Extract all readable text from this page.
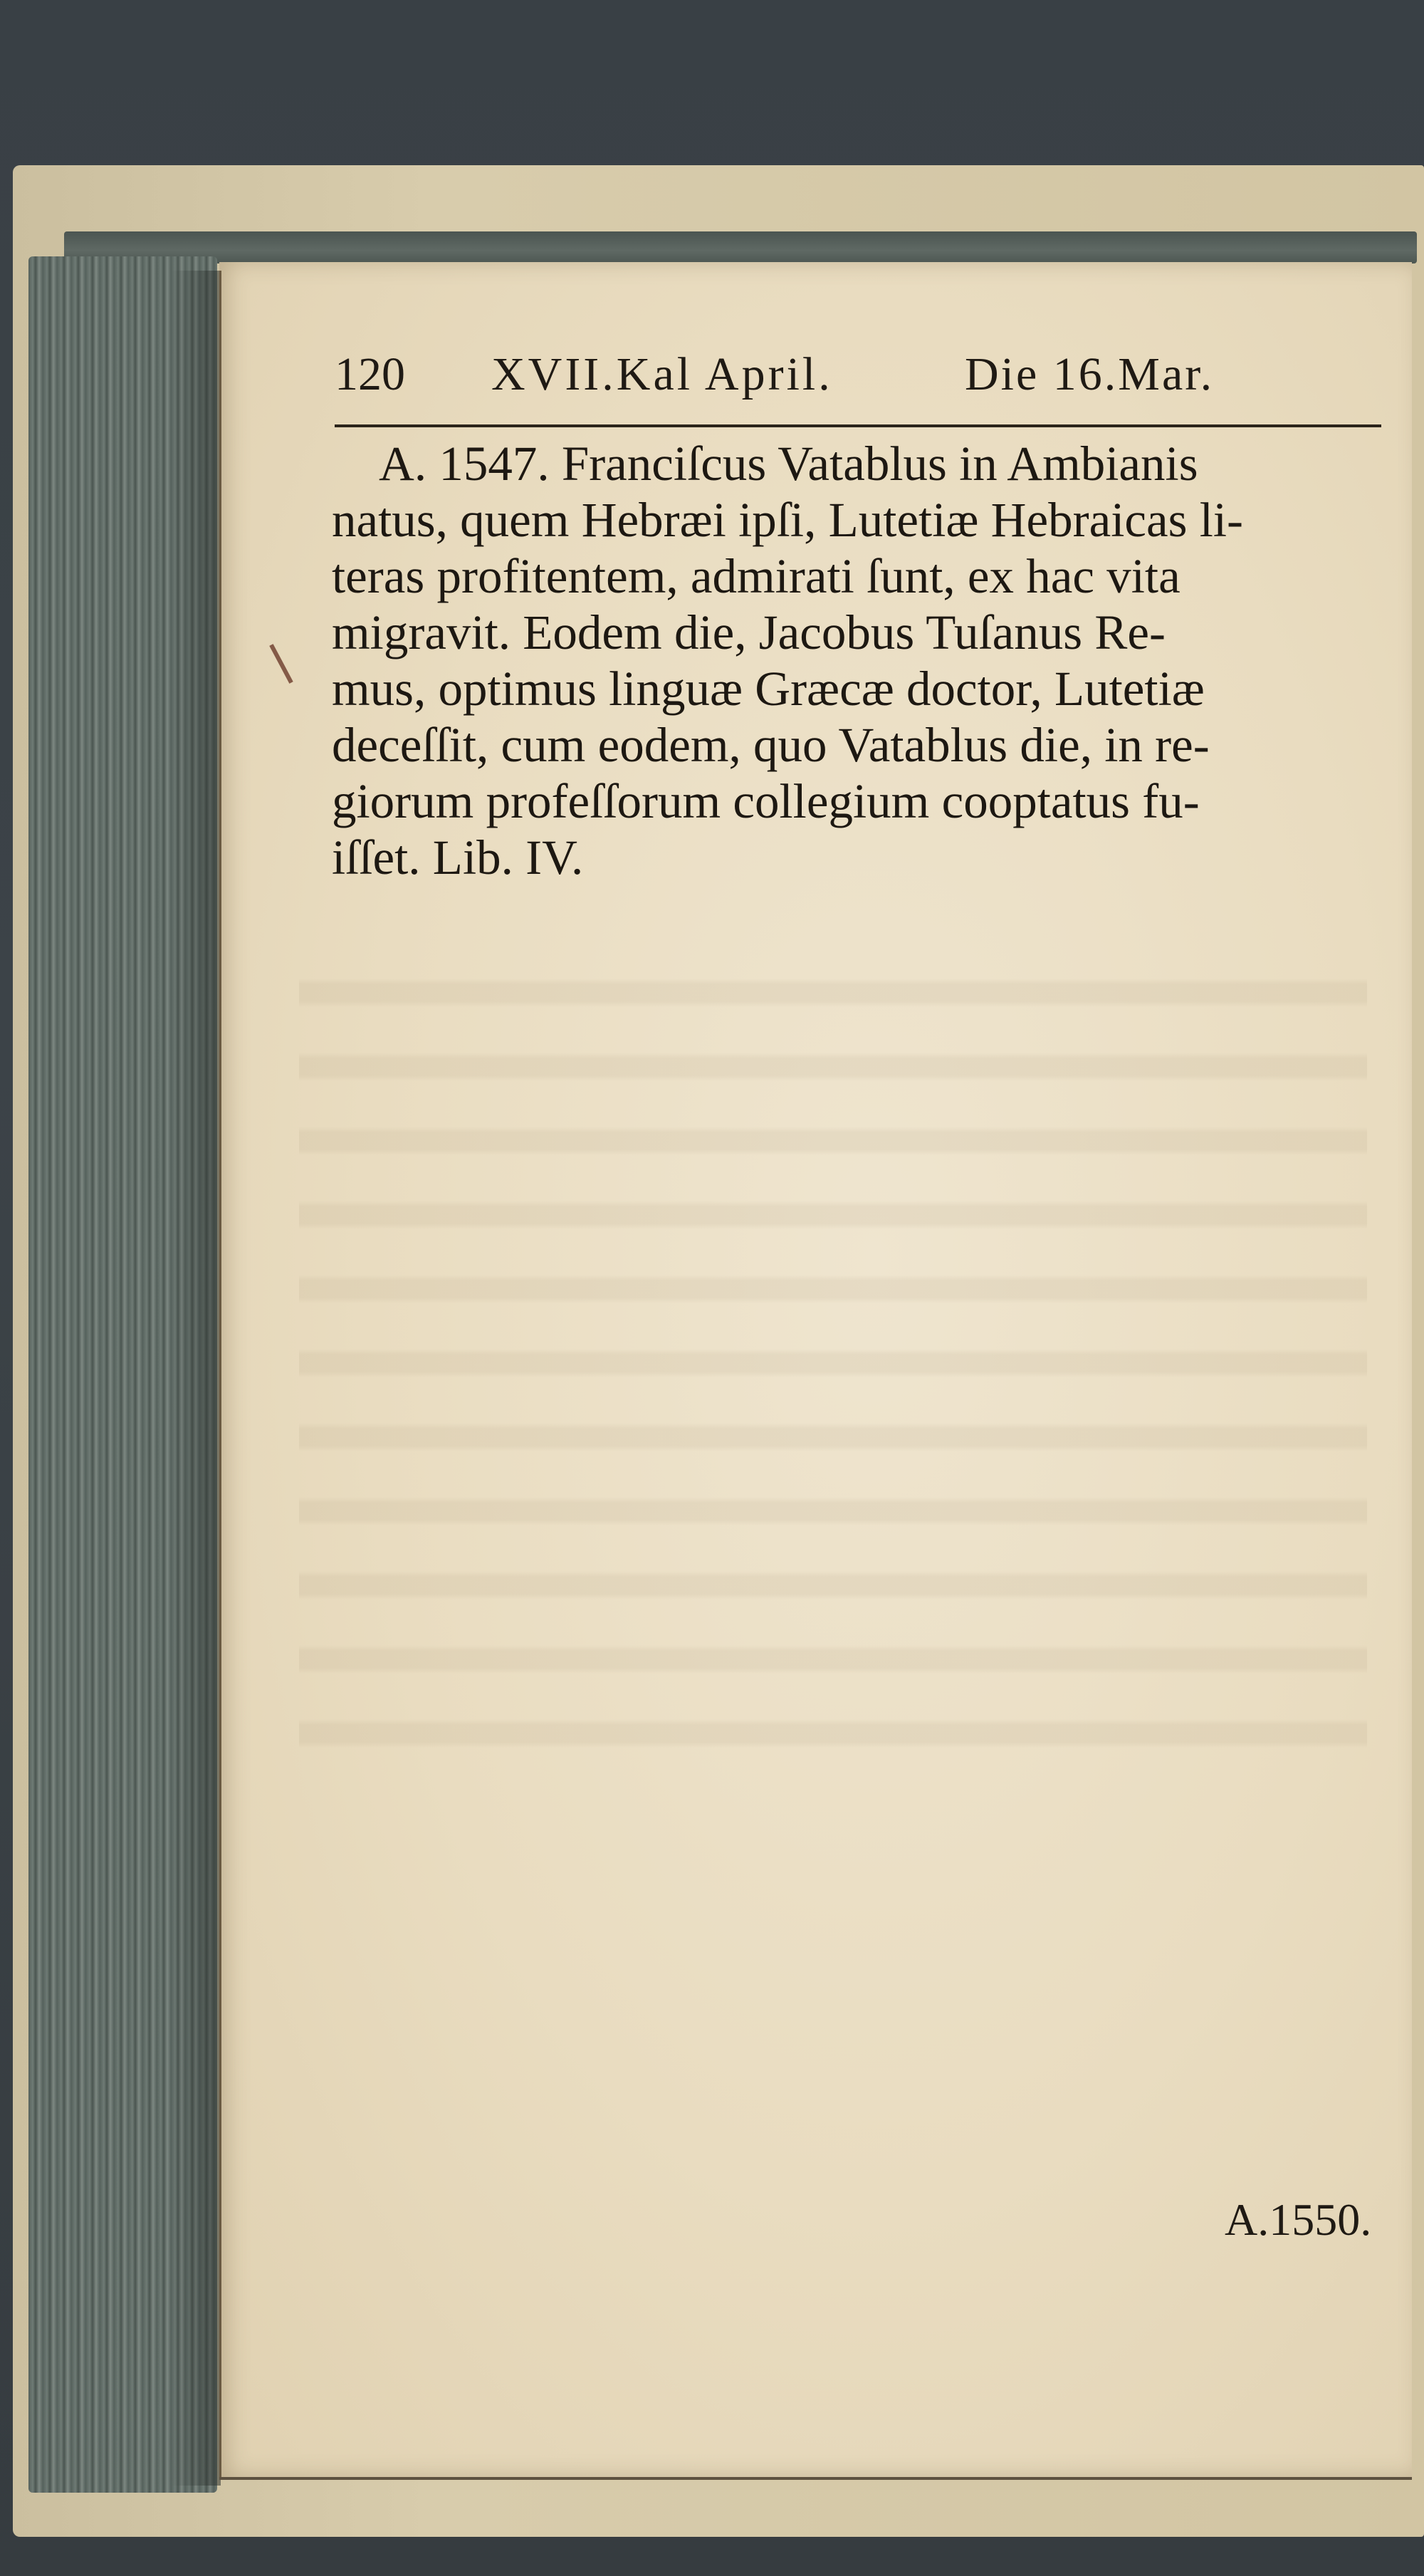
120 XVII.Kal April.	Die 16.Mar.
A. 1547. Franciſcus Vatablus in Ambianis
natus, quem Hebræi ipſi, Lutetiæ Hebraicas li-
teras profitentem, admirati ſunt, ex hac vita
migravit. Eodem die, Jacobus Tuſanus Re-
mus, optimus linguæ Græcæ doctor, Lutetiæ
deceſſit, cum eodem, quo Vatablus die, in re-
giorum profeſſorum collegium cooptatus fu-
iſſet. Lib. IV.
A.1550.
